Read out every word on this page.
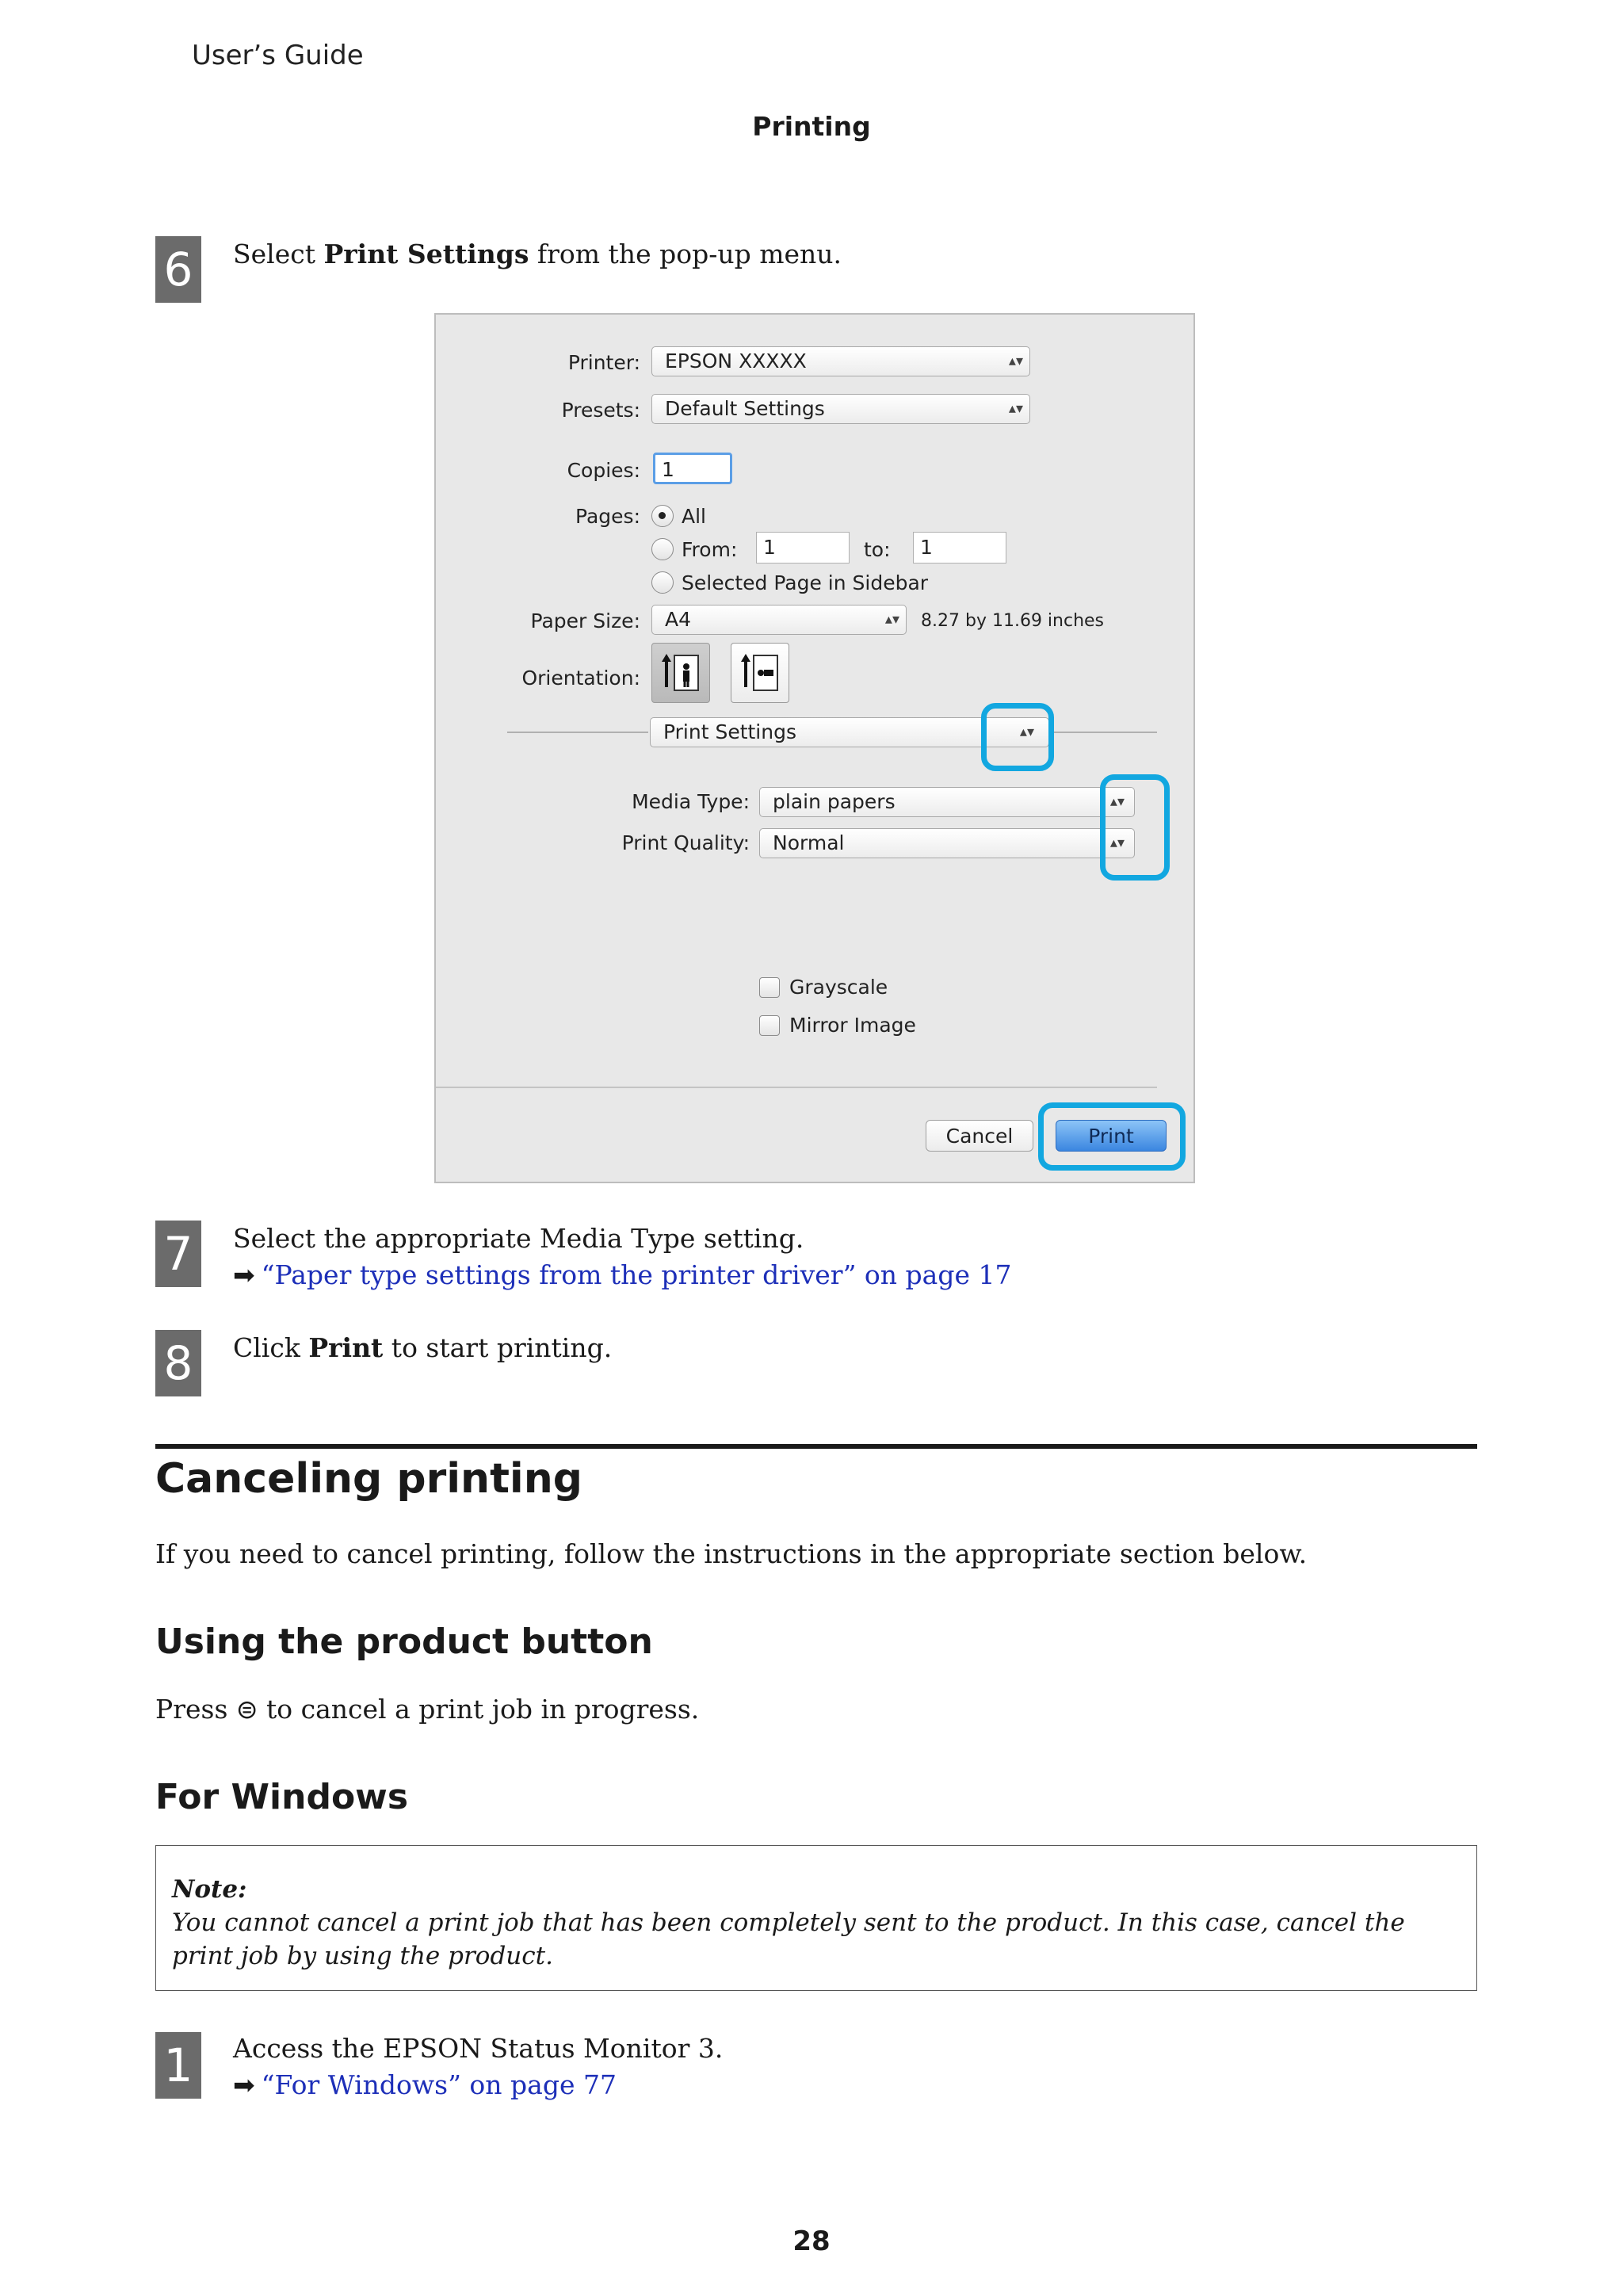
User’s Guide
Printing
6	Select Print Settings from the pop-up menu.
Printer:	EPSON XXXXX	▴▾
Presets:	Default Settings	▴▾
Copies:	1
Pages: All
From:	1	to:	1
Selected Page in Sidebar
Paper Size:	A4	▴▾ 8.27 by 11.69 inches
Orientation:
Print Settings	▴▾
Media Type:	plain papers	▴▾
Print Quality:	Normal	▴▾
Grayscale
Mirror Image
Cancel	Print
7	Select the appropriate Media Type setting.
➡ “Paper type settings from the printer driver” on page 17
8	Click Print to start printing.
Canceling printing
If you need to cancel printing, follow the instructions in the appropriate section below.
Using the product button
Press ⊜ to cancel a print job in progress.
For Windows
Note:
You cannot cancel a print job that has been completely sent to the product. In this case, cancel the print job by using the product.
1	Access the EPSON Status Monitor 3.
➡ “For Windows” on page 77
28
